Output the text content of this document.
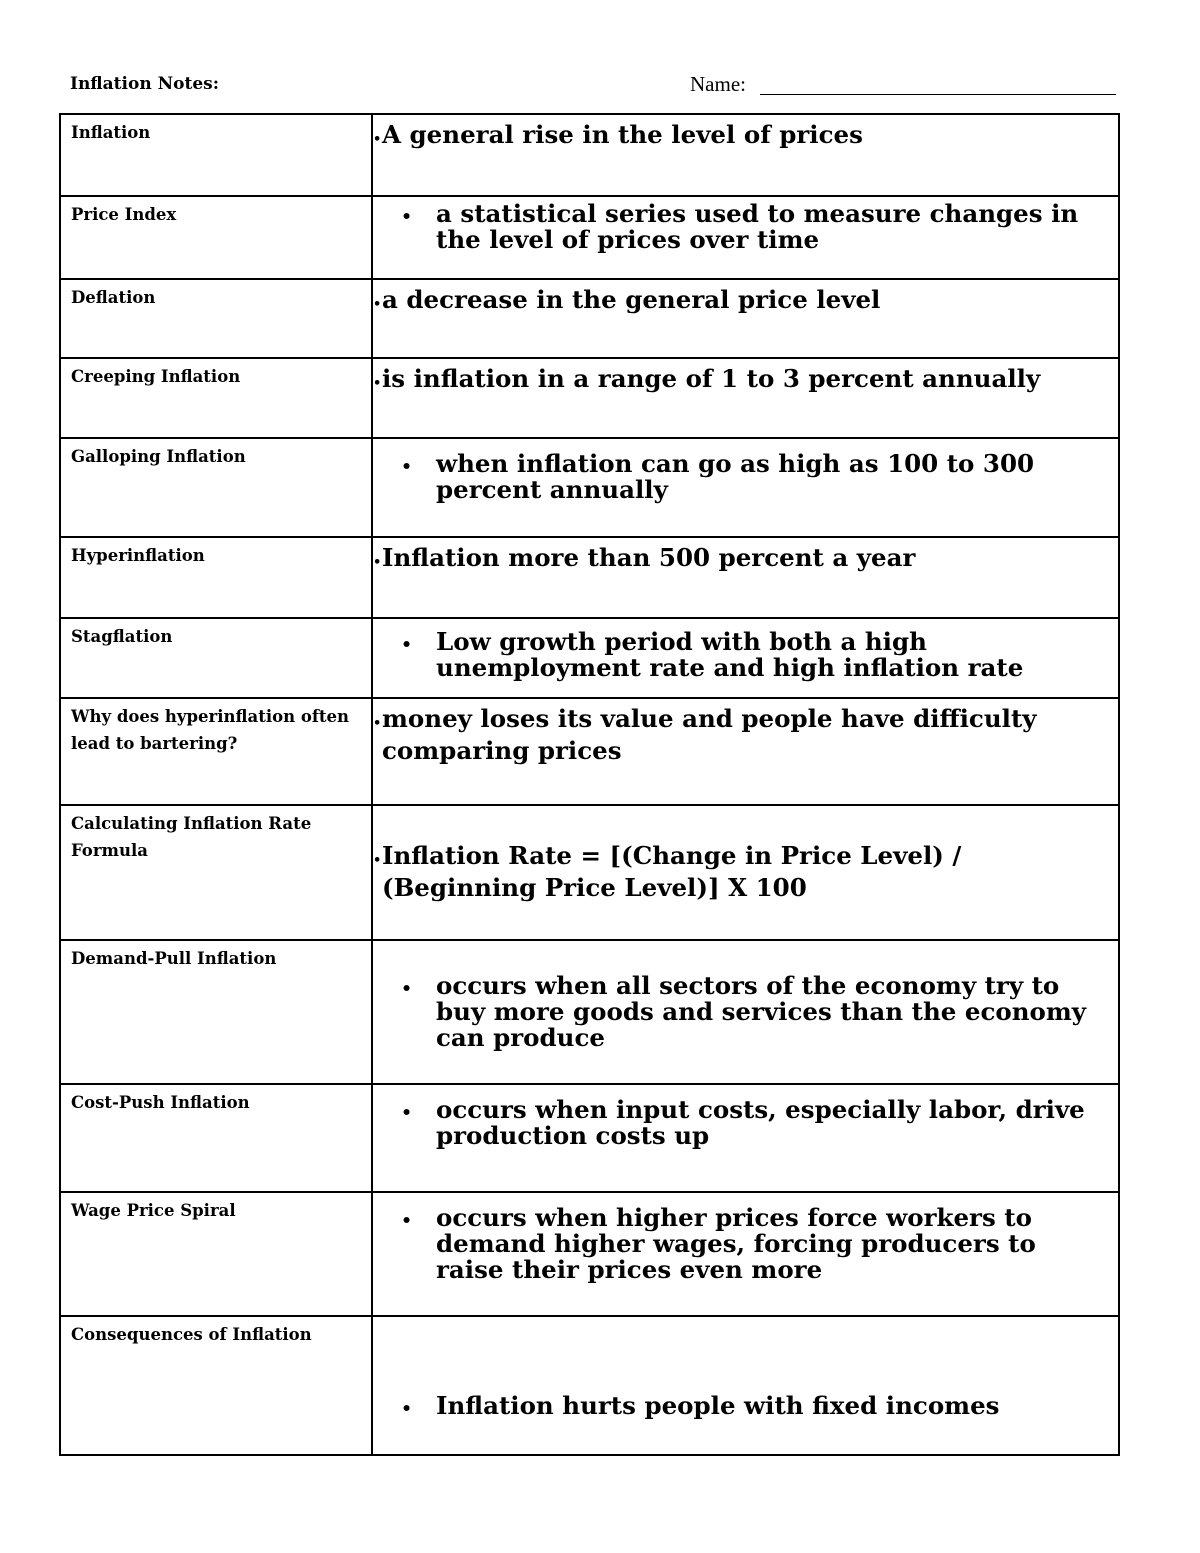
Inflation Notes:	Name:
Inflation	• A general rise in the level of prices

Price Index	• a statistical series used to measure changes in the level of prices over time

Deflation	• a decrease in the general price level

Creeping Inflation	• is inflation in a range of 1 to 3 percent annually

Galloping Inflation	• when inflation can go as high as 100 to 300 percent annually

Hyperinflation	• Inflation more than 500 percent a year

Stagflation	• Low growth period with both a high unemployment rate and high inflation rate

Why does hyperinflation often lead to bartering?	• money loses its value and people have difficulty comparing prices

Calculating Inflation Rate Formula	• Inflation Rate = [(Change in Price Level) / (Beginning Price Level)] X 100

Demand-Pull Inflation	• occurs when all sectors of the economy try to buy more goods and services than the economy can produce

Cost-Push Inflation	• occurs when input costs, especially labor, drive production costs up

Wage Price Spiral	• occurs when higher prices force workers to demand higher wages, forcing producers to raise their prices even more

Consequences of Inflation	• Inflation hurts people with fixed incomes
